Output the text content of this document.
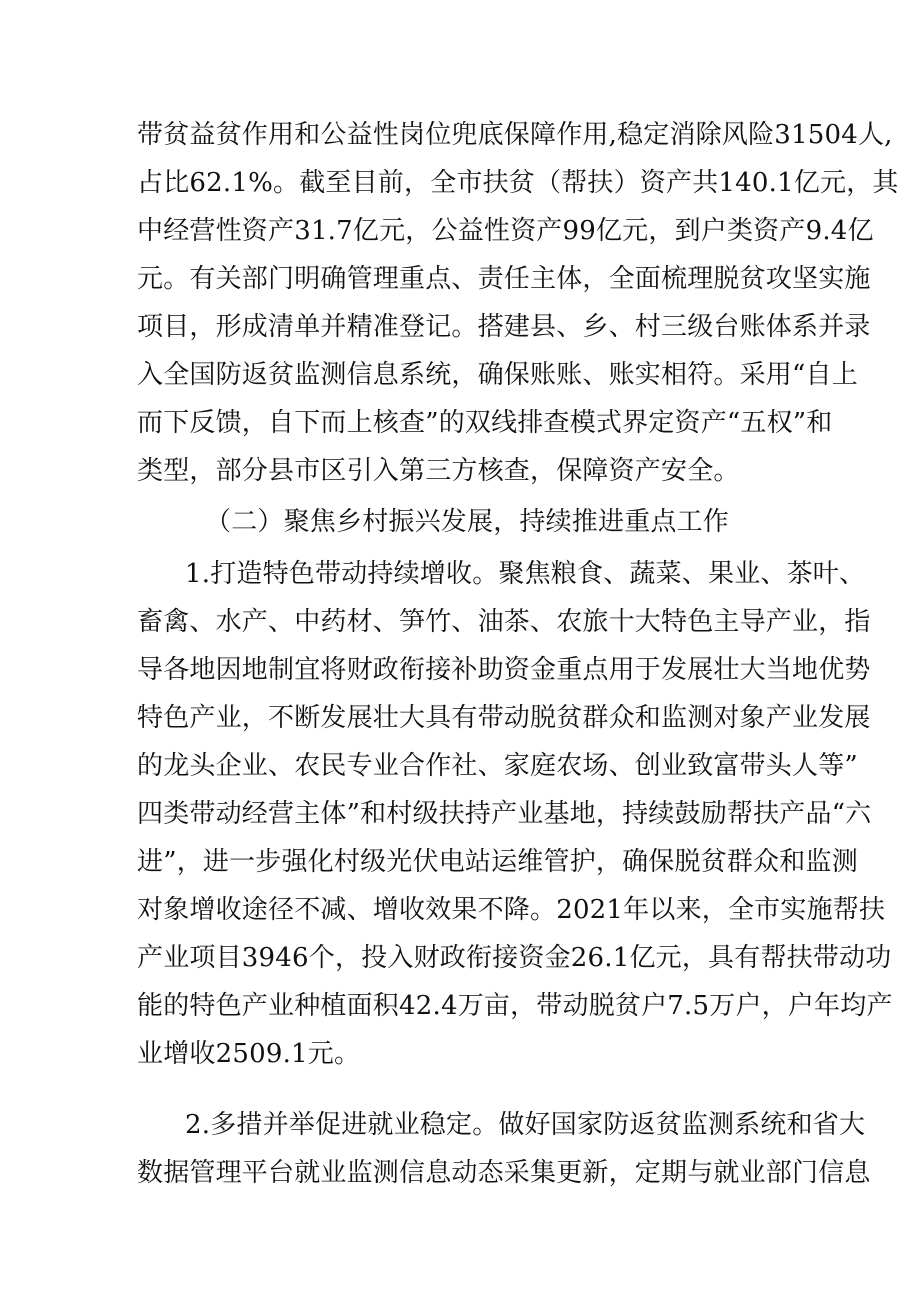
带贫益贫作用和公益性岗位兜底保障作用,稳定消除风险31504人,
占比62.1%。截至目前，全市扶贫（帮扶）资产共140.1亿元，其
中经营性资产31.7亿元，公益性资产99亿元，到户类资产9.4亿
元。有关部门明确管理重点、责任主体，全面梳理脱贫攻坚实施
项目，形成清单并精准登记。搭建县、乡、村三级台账体系并录
入全国防返贫监测信息系统，确保账账、账实相符。采用“自上
而下反馈，自下而上核查”的双线排查模式界定资产“五权”和
类型，部分县市区引入第三方核查，保障资产安全。
（二）聚焦乡村振兴发展，持续推进重点工作
1.打造特色带动持续增收。聚焦粮食、蔬菜、果业、茶叶、
畜禽、水产、中药材、笋竹、油茶、农旅十大特色主导产业，指
导各地因地制宜将财政衔接补助资金重点用于发展壮大当地优势
特色产业，不断发展壮大具有带动脱贫群众和监测对象产业发展
的龙头企业、农民专业合作社、家庭农场、创业致富带头人等”
四类带动经营主体”和村级扶持产业基地，持续鼓励帮扶产品“六
进”，进一步强化村级光伏电站运维管护，确保脱贫群众和监测
对象增收途径不减、增收效果不降。2021年以来，全市实施帮扶
产业项目3946个，投入财政衔接资金26.1亿元，具有帮扶带动功
能的特色产业种植面积42.4万亩，带动脱贫户7.5万户，户年均产
业增收2509.1元。
2.多措并举促进就业稳定。做好国家防返贫监测系统和省大
数据管理平台就业监测信息动态采集更新，定期与就业部门信息
